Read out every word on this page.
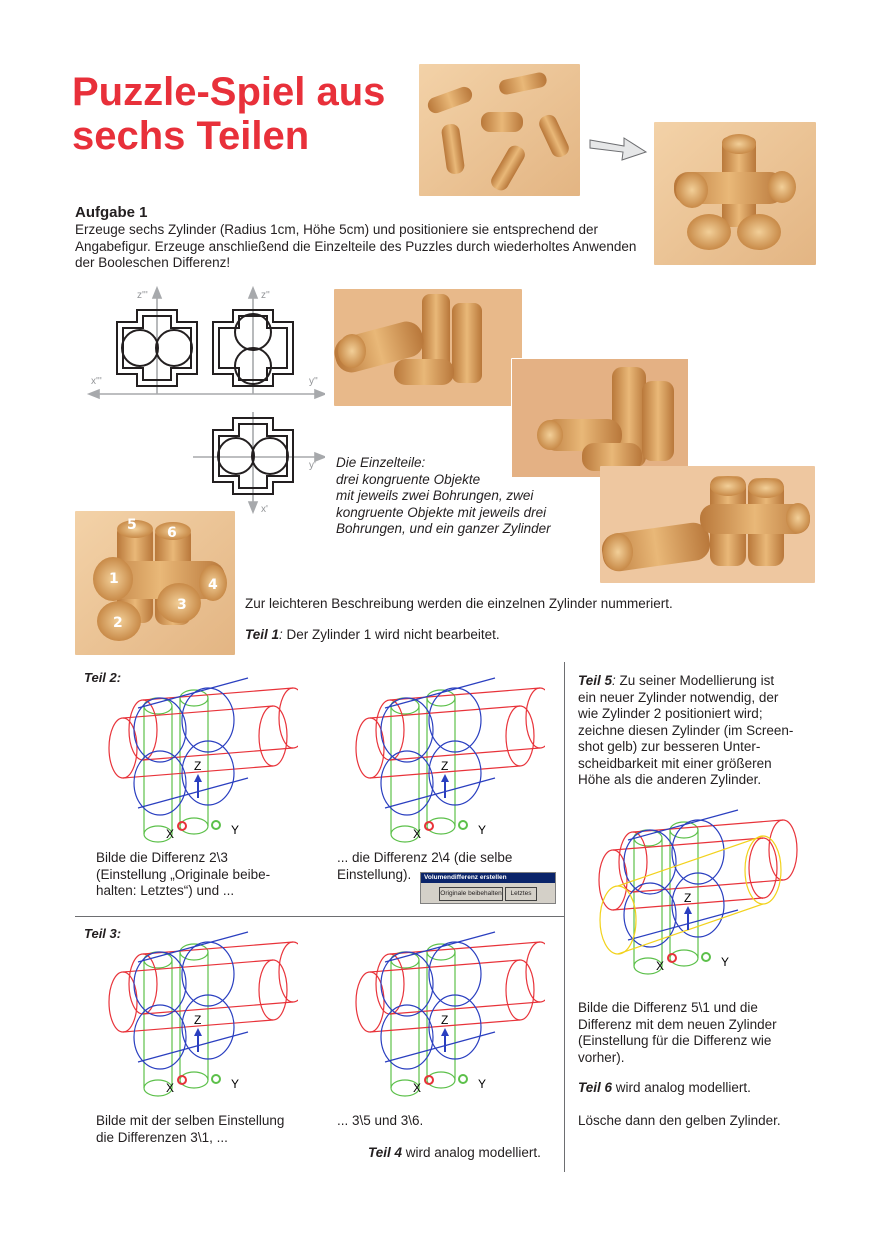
Puzzle-Spiel aus sechs Teilen
Aufgabe 1
Erzeuge sechs Zylinder (Radius 1cm, Höhe 5cm) und positioniere sie entsprechend der Angabefigur. Erzeuge anschließend die Einzelteile des Puzzles durch wiederholtes Anwenden der Booleschen Differenz!
z'''	z''
x'''	y''
y'
x'
Die Einzelteile:
drei kongruente Objekte
mit jeweils zwei Bohrungen, zwei
kongruente Objekte mit jeweils drei
Bohrungen, und ein ganzer Zylinder
5 6
1	4
3
2
Zur leichteren Beschreibung werden die einzelnen Zylinder nummeriert.
Teil 1: Der Zylinder 1 wird nicht bearbeitet.
Teil 2:
Z
X	Y
Z
X	Y
Bilde die Differenz 2\3
(Einstellung „Originale beibe-
halten: Letztes“) und ...
... die Differenz 2\4 (die selbe
Einstellung).	Volumendifferenz erstellen
Originale beibehalten	Letztes
Teil 3:
Z
X	Y
Z
X	Y
Bilde mit der selben Einstellung
die Differenzen 3\1, ...
... 3\5 und 3\6.
Teil 4 wird analog modelliert.
Teil 5: Zu seiner Modellierung ist
ein neuer Zylinder notwendig, der
wie Zylinder 2 positioniert wird;
zeichne diesen Zylinder (im Screen-
shot gelb) zur besseren Unter-
scheidbarkeit mit einer größeren
Höhe als die anderen Zylinder.
Z
X	Y
Bilde die Differenz 5\1 und die
Differenz mit dem neuen Zylinder
(Einstellung für die Differenz wie
vorher).
Teil 6 wird analog modelliert.
Lösche dann den gelben Zylinder.
